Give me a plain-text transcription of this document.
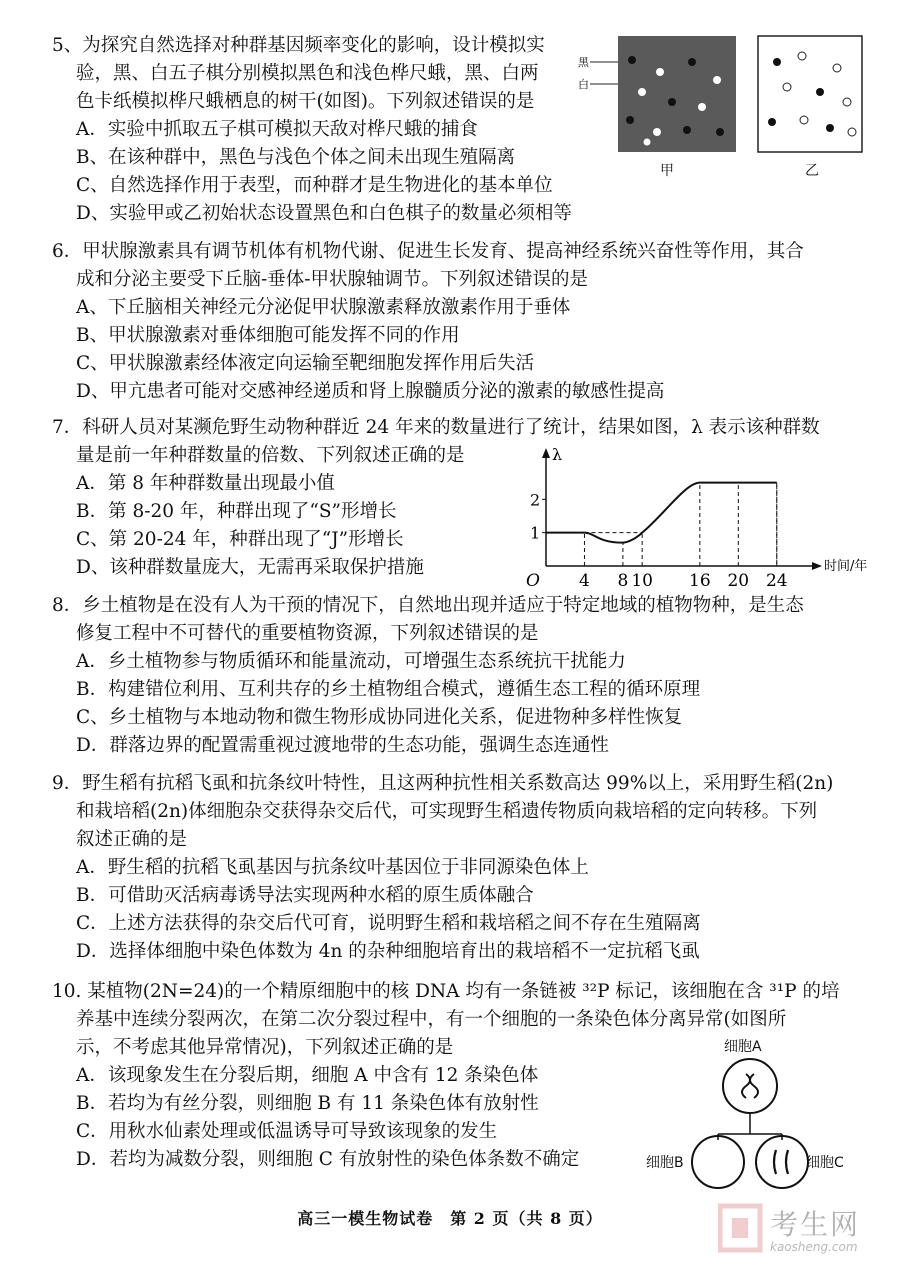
5、为探究自然选择对种群基因频率变化的影响，设计模拟实
验，黑、白五子棋分别模拟黑色和浅色桦尺蛾，黑、白两
色卡纸模拟桦尺蛾栖息的树干(如图)。下列叙述错误的是
A．实验中抓取五子棋可模拟天敌对桦尺蛾的捕食
B、在该种群中，黑色与浅色个体之间未出现生殖隔离
C、自然选择作用于表型，而种群才是生物进化的基本单位
D、实验甲或乙初始状态设置黑色和白色棋子的数量必须相等
黑
白
甲	乙
6．甲状腺激素具有调节机体有机物代谢、促进生长发育、提高神经系统兴奋性等作用，其合
成和分泌主要受下丘脑-垂体-甲状腺轴调节。下列叙述错误的是
A、下丘脑相关神经元分泌促甲状腺激素释放激素作用于垂体
B、甲状腺激素对垂体细胞可能发挥不同的作用
C、甲状腺激素经体液定向运输至靶细胞发挥作用后失活
D、甲亢患者可能对交感神经递质和肾上腺髓质分泌的激素的敏感性提高
7．科研人员对某濒危野生动物种群近 24 年来的数量进行了统计，结果如图，λ 表示该种群数
量是前一年种群数量的倍数、下列叙述正确的是
A．第 8 年种群数量出现最小值
B．第 8-20 年，种群出现了“S”形增长
C、第 20-24 年，种群出现了“J”形增长
D、该种群数量庞大，无需再采取保护措施
λ
时间/年
O 4 8 10 16 20 24
1
2
8．乡土植物是在没有人为干预的情况下，自然地出现并适应于特定地域的植物物种，是生态
修复工程中不可替代的重要植物资源，下列叙述错误的是
A．乡土植物参与物质循环和能量流动，可增强生态系统抗干扰能力
B．构建错位利用、互利共存的乡土植物组合模式，遵循生态工程的循环原理
C、乡土植物与本地动物和微生物形成协同进化关系，促进物种多样性恢复
D．群落边界的配置需重视过渡地带的生态功能，强调生态连通性
9．野生稻有抗稻飞虱和抗条纹叶特性，且这两种抗性相关系数高达 99%以上，采用野生稻(2n)
和栽培稻(2n)体细胞杂交获得杂交后代，可实现野生稻遗传物质向栽培稻的定向转移。下列
叙述正确的是
A．野生稻的抗稻飞虱基因与抗条纹叶基因位于非同源染色体上
B．可借助灭活病毒诱导法实现两种水稻的原生质体融合
C．上述方法获得的杂交后代可育，说明野生稻和栽培稻之间不存在生殖隔离
D．选择体细胞中染色体数为 4n 的杂种细胞培育出的栽培稻不一定抗稻飞虱
10. 某植物(2N=24)的一个精原细胞中的核 DNA 均有一条链被 ³²P 标记，该细胞在含 ³¹P 的培
养基中连续分裂两次，在第二次分裂过程中，有一个细胞的一条染色体分离异常(如图所
示，不考虑其他异常情况)，下列叙述正确的是
A．该现象发生在分裂后期，细胞 A 中含有 12 条染色体
B．若均为有丝分裂，则细胞 B 有 11 条染色体有放射性
C．用秋水仙素处理或低温诱导可导致该现象的发生
D．若均为减数分裂，则细胞 C 有放射性的染色体条数不确定
细胞A
细胞B	细胞C
高三一模生物试卷　第 2 页（共 8 页）	考生网
kaosheng.com
